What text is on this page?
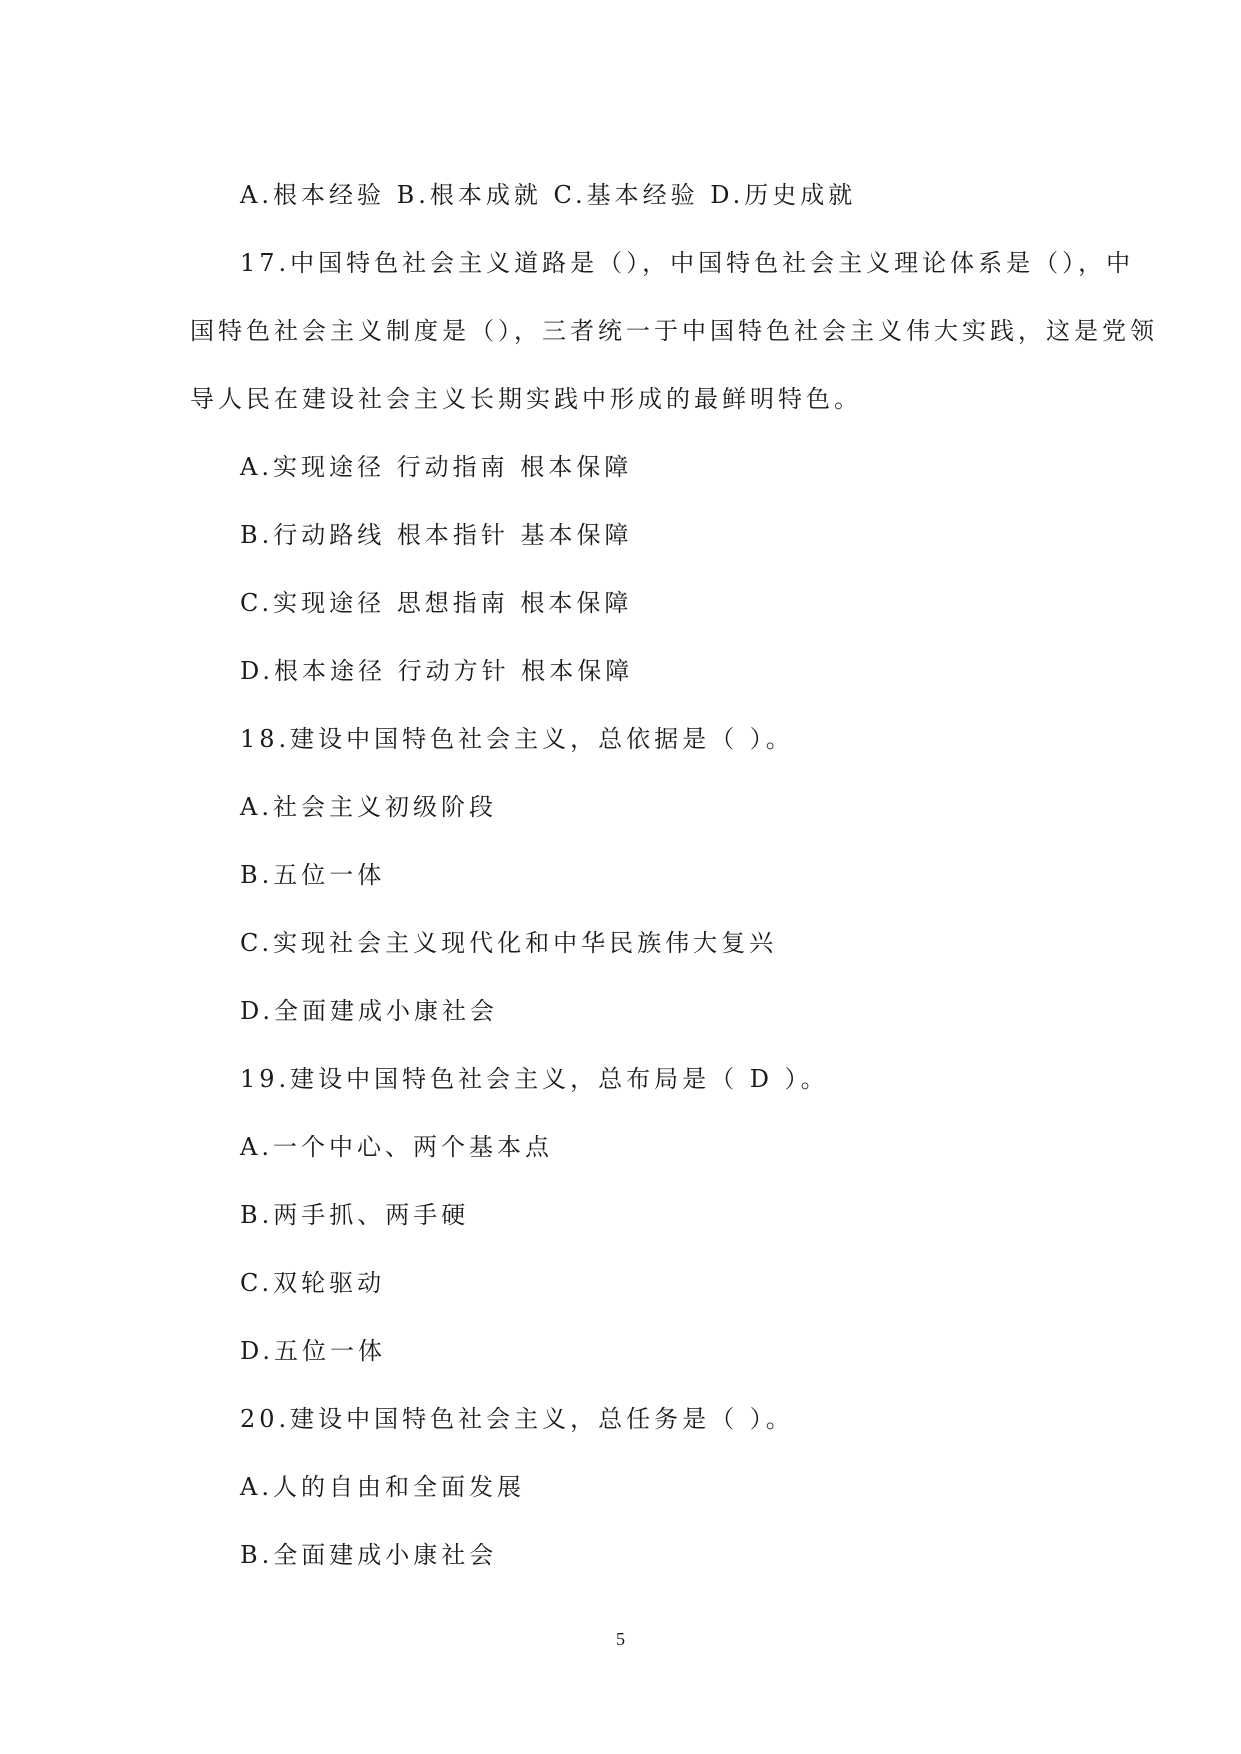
A.根本经验 B.根本成就 C.基本经验 D.历史成就
17.中国特色社会主义道路是（），中国特色社会主义理论体系是（），中
国特色社会主义制度是（），三者统一于中国特色社会主义伟大实践，这是党领
导人民在建设社会主义长期实践中形成的最鲜明特色。
A.实现途径 行动指南 根本保障
B.行动路线 根本指针 基本保障
C.实现途径 思想指南 根本保障
D.根本途径 行动方针 根本保障
18.建设中国特色社会主义，总依据是（ ）。
A.社会主义初级阶段
B.五位一体
C.实现社会主义现代化和中华民族伟大复兴
D.全面建成小康社会
19.建设中国特色社会主义，总布局是（ D ）。
A.一个中心、两个基本点
B.两手抓、两手硬
C.双轮驱动
D.五位一体
20.建设中国特色社会主义，总任务是（ ）。
A.人的自由和全面发展
B.全面建成小康社会
5
